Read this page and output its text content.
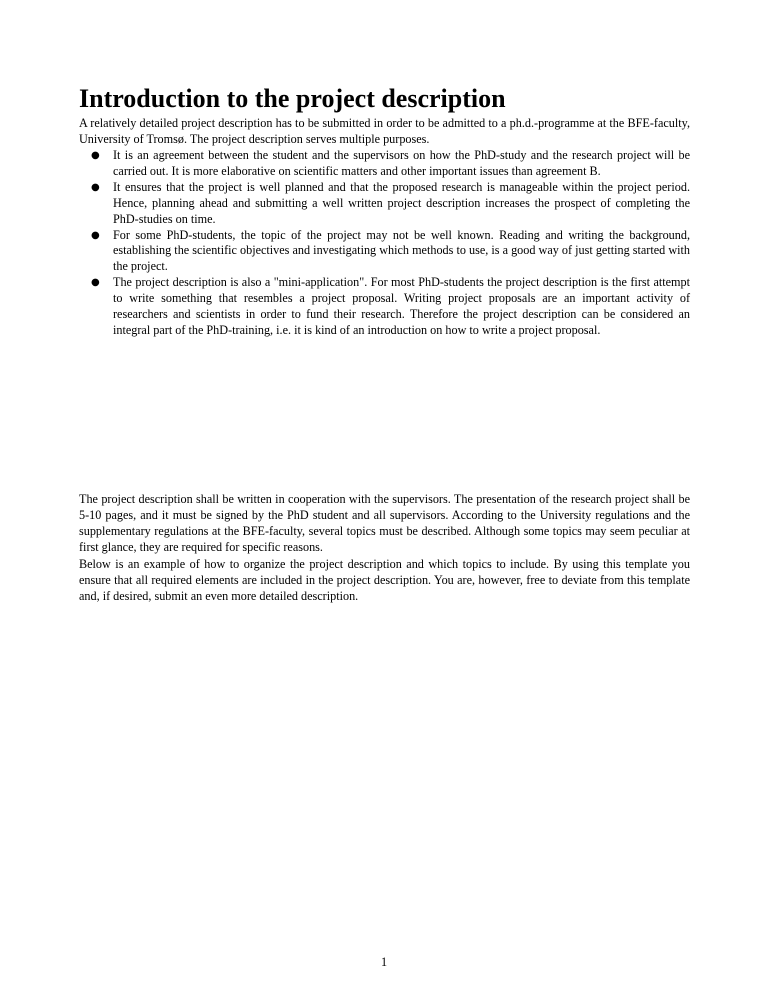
Introduction to the project description

A relatively detailed project description has to be submitted in order to be admitted to a ph.d.-programme at the BFE-faculty, University of Tromsø. The project description serves multiple purposes.

● It is an agreement between the student and the supervisors on how the PhD-study and the research project will be carried out. It is more elaborative on scientific matters and other important issues than agreement B.
● It ensures that the project is well planned and that the proposed research is manageable within the project period. Hence, planning ahead and submitting a well written project description increases the prospect of completing the PhD-studies on time.
● For some PhD-students, the topic of the project may not be well known. Reading and writing the background, establishing the scientific objectives and investigating which methods to use, is a good way of just getting started with the project.
● The project description is also a "mini-application". For most PhD-students the project description is the first attempt to write something that resembles a project proposal. Writing project proposals are an important activity of researchers and scientists in order to fund their research. Therefore the project description can be considered an integral part of the PhD-training, i.e. it is kind of an introduction on how to write a project proposal.

The project description shall be written in cooperation with the supervisors. The presentation of the research project shall be 5-10 pages, and it must be signed by the PhD student and all supervisors. According to the University regulations and the supplementary regulations at the BFE-faculty, several topics must be described. Although some topics may seem peculiar at first glance, they are required for specific reasons.

Below is an example of how to organize the project description and which topics to include. By using this template you ensure that all required elements are included in the project description. You are, however, free to deviate from this template and, if desired, submit an even more detailed description.

1
